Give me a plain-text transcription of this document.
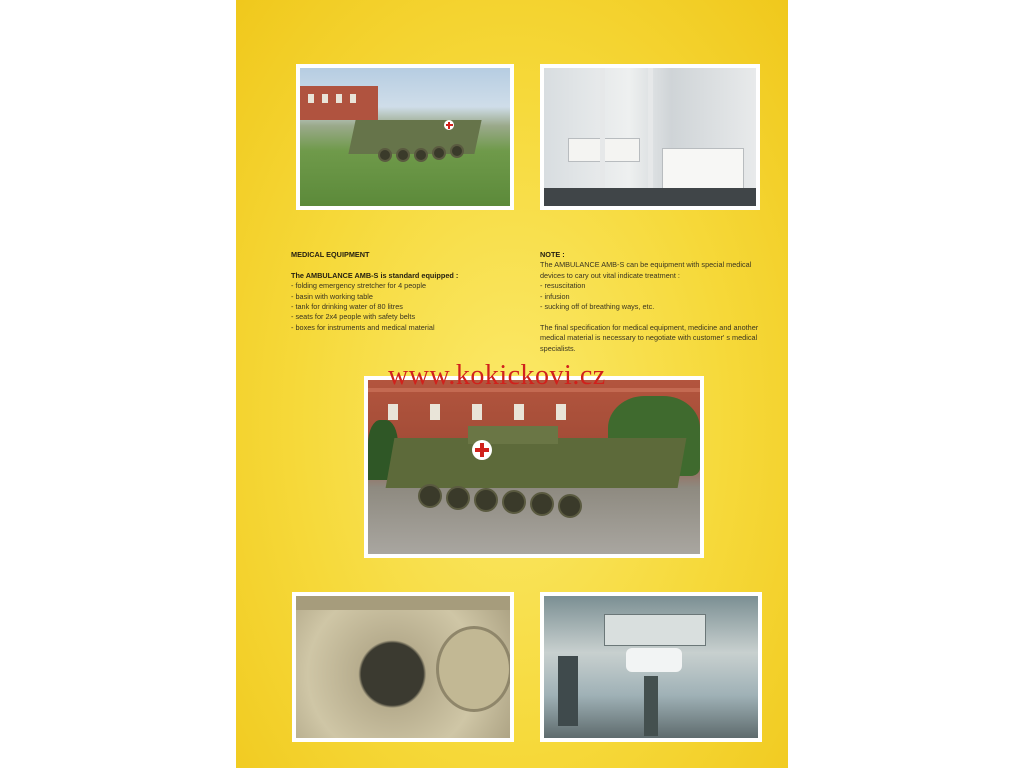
MEDICAL EQUIPMENT
The AMBULANCE AMB-S is standard equipped :
- folding emergency stretcher for 4 people
- basin with working table
- tank for drinking water of 80 litres
- seats for 2x4 people with safety belts
- boxes for instruments and medical material
NOTE :

The AMBULANCE AMB-S can be equipment with special medical devices to cary out vital indicate treatment :

- resuscitation
- infusion
- sucking off of breathing ways, etc.

The final specification for medical equipment, medicine and another medical material is necessary to negotiate with customer' s medical specialists.

www.kokickovi.cz
